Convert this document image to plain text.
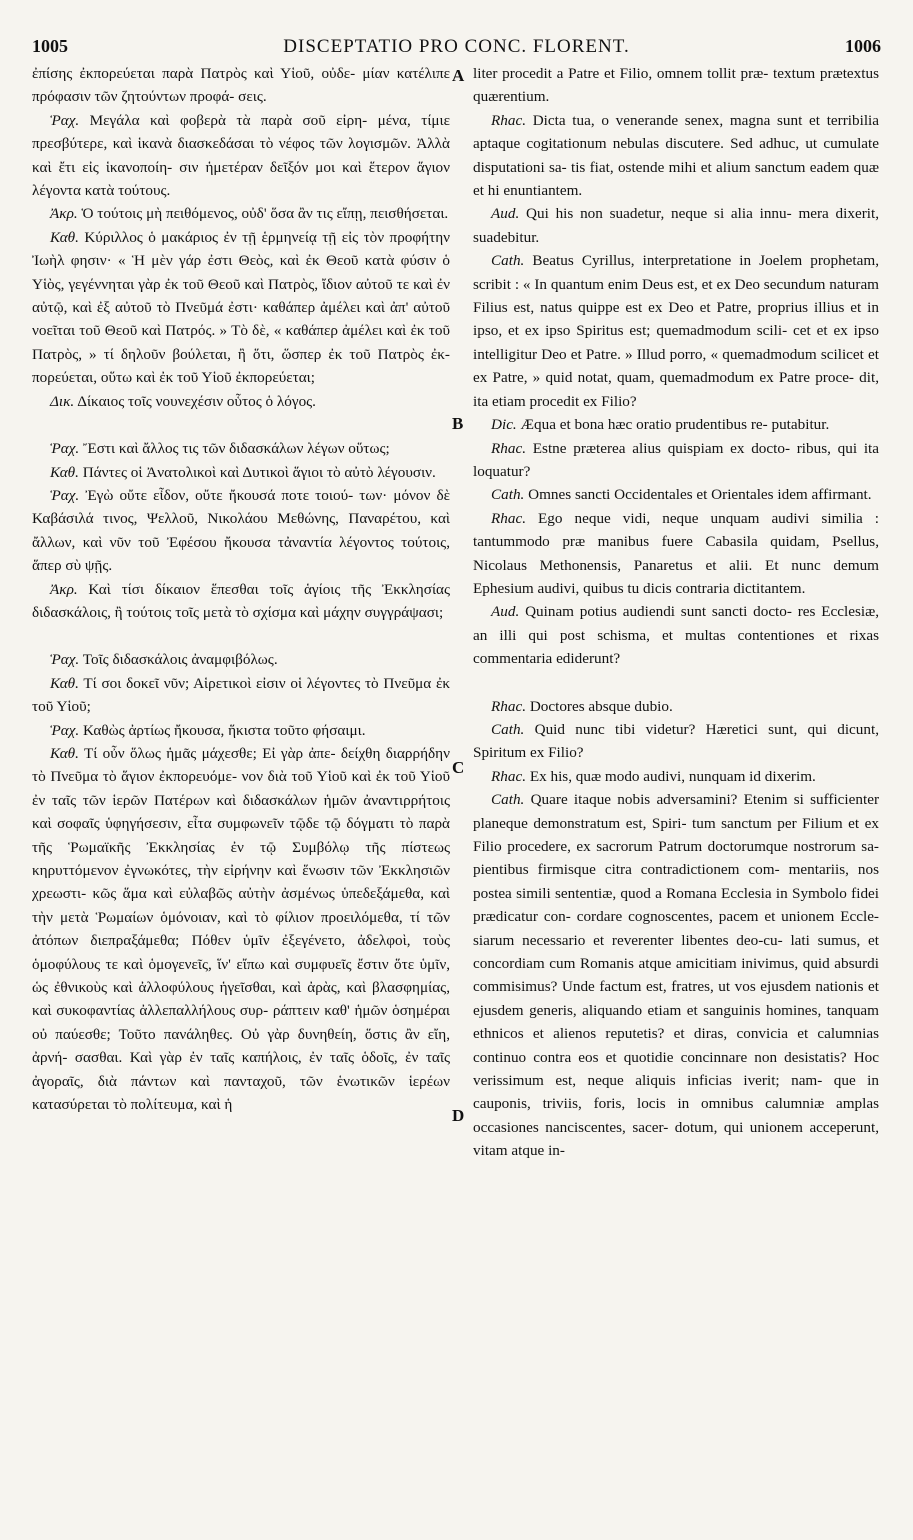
1005	DISCEPTATIO PRO CONC. FLORENT.	1006

ἐπίσης ἐκπορεύεται παρὰ Πατρὸς καὶ Υἱοῦ, οὐδε- μίαν κατέλιπε πρόφασιν τῶν ζητούντων προφά- σεις.

Ῥαχ. Μεγάλα καὶ φοβερὰ τὰ παρὰ σοῦ εἰρη- μένα, τίμιε πρεσβύτερε, καὶ ἱκανὰ διασκεδάσαι τὸ νέφος τῶν λογισμῶν. Ἀλλὰ καὶ ἔτι εἰς ἱκανοποίη- σιν ἡμετέραν δεῖξόν μοι καὶ ἕτερον ἅγιον λέγοντα κατὰ τούτους.

Ἀκρ. Ὁ τούτοις μὴ πειθόμενος, οὐδ' ὅσα ἂν τις εἴπῃ, πεισθήσεται.

Καθ. Κύριλλος ὁ μακάριος ἐν τῇ ἑρμηνείᾳ τῇ εἰς τὸν προφήτην Ἰωὴλ φησιν· « Ἡ μὲν γάρ ἐστι Θεὸς, καὶ ἐκ Θεοῦ κατὰ φύσιν ὁ Υἱὸς, γεγέννηται γὰρ ἐκ τοῦ Θεοῦ καὶ Πατρὸς, ἴδιον αὐτοῦ τε καὶ ἐν αὐτῷ, καὶ ἐξ αὐτοῦ τὸ Πνεῦμά ἐστι· καθάπερ ἀμέλει καὶ ἀπ' αὐτοῦ νοεῖται τοῦ Θεοῦ καὶ Πατρός. » Τὸ δὲ, « καθάπερ ἀμέλει καὶ ἐκ τοῦ Πατρὸς, » τί δηλοῦν βούλεται, ἢ ὅτι, ὥσπερ ἐκ τοῦ Πατρὸς ἐκ- πορεύεται, οὕτω καὶ ἐκ τοῦ Υἱοῦ ἐκπορεύεται;

Δικ. Δίκαιος τοῖς νουνεχέσιν οὗτος ὁ λόγος.

Ῥαχ. Ἔστι καὶ ἄλλος τις τῶν διδασκάλων λέγων οὕτως;

Καθ. Πάντες οἱ Ἀνατολικοὶ καὶ Δυτικοὶ ἅγιοι τὸ αὐτὸ λέγουσιν.

Ῥαχ. Ἐγὼ οὔτε εἶδον, οὔτε ἤκουσά ποτε τοιού- των· μόνον δὲ Καβάσιλά τινος, Ψελλοῦ, Νικολάου Μεθώνης, Παναρέτου, καὶ ἄλλων, καὶ νῦν τοῦ Ἐφέσου ἤκουσα τἀναντία λέγοντος τούτοις, ἅπερ σὺ ψῇς.

Ἀκρ. Καὶ τίσι δίκαιον ἕπεσθαι τοῖς ἁγίοις τῆς Ἐκκλησίας διδασκάλοις, ἢ τούτοις τοῖς μετὰ τὸ σχίσμα καὶ μάχην συγγράψασι;

Ῥαχ. Τοῖς διδασκάλοις ἀναμφιβόλως.

Καθ. Τί σοι δοκεῖ νῦν; Αἱρετικοὶ εἰσιν οἱ λέγοντες τὸ Πνεῦμα ἐκ τοῦ Υἱοῦ;

Ῥαχ. Καθὼς ἀρτίως ἤκουσα, ἥκιστα τοῦτο φήσαιμι.

Καθ. Τί οὖν ὅλως ἡμᾶς μάχεσθε; Εἰ γὰρ ἀπε- δείχθη διαρρήδην τὸ Πνεῦμα τὸ ἅγιον ἐκπορευόμε- νον διὰ τοῦ Υἱοῦ καὶ ἐκ τοῦ Υἱοῦ ἐν ταῖς τῶν ἱερῶν Πατέρων καὶ διδασκάλων ἡμῶν ἀναντιρρήτοις καὶ σοφαῖς ὑφηγήσεσιν, εἶτα συμφωνεῖν τῷδε τῷ δόγματι τὸ παρὰ τῆς Ῥωμαϊκῆς Ἐκκλησίας ἐν τῷ Συμβόλῳ τῆς πίστεως κηρυττόμενον ἐγνωκότες, τὴν εἰρήνην καὶ ἕνωσιν τῶν Ἐκκλησιῶν χρεωστι- κῶς ἅμα καὶ εὐλαβῶς αὐτὴν ἀσμένως ὑπεδεξάμεθα, καὶ τὴν μετὰ Ῥωμαίων ὁμόνοιαν, καὶ τὸ φίλιον προειλόμεθα, τί τῶν ἀτόπων διεπραξάμεθα; Πόθεν ὑμῖν ἐξεγένετο, ἀδελφοὶ, τοὺς ὁμοφύλους τε καὶ ὁμογενεῖς, ἵν' εἴπω καὶ συμφυεῖς ἔστιν ὅτε ὑμῖν, ὡς ἐθνικοὺς καὶ ἀλλοφύλους ἡγεῖσθαι, καὶ ἀρὰς, καὶ βλασφημίας, καὶ συκοφαντίας ἀλλεπαλλήλους συρ- ράπτειν καθ' ἡμῶν ὁσημέραι οὐ παύεσθε; Τοῦτο πανάληθες. Οὐ γὰρ δυνηθείη, ὅστις ἂν εἴη, ἀρνή- σασθαι. Καὶ γὰρ ἐν ταῖς καπήλοις, ἐν ταῖς ὁδοῖς, ἐν ταῖς ἀγοραῖς, διὰ πάντων καὶ πανταχοῦ, τῶν ἑνωτικῶν ἱερέων κατασύρεται τὸ πολίτευμα, καὶ ἡ

A
B
C
D

liter procedit a Patre et Filio, omnem tollit præ- textum prætextus quærentium.

Rhac. Dicta tua, o venerande senex, magna sunt et terribilia aptaque cogitationum nebulas discutere. Sed adhuc, ut cumulate disputationi sa- tis fiat, ostende mihi et alium sanctum eadem quæ et hi enuntiantem.

Aud. Qui his non suadetur, neque si alia innu- mera dixerit, suadebitur.

Cath. Beatus Cyrillus, interpretatione in Joelem prophetam, scribit : « In quantum enim Deus est, et ex Deo secundum naturam Filius est, natus quippe est ex Deo et Patre, proprius illius et in ipso, et ex ipso Spiritus est; quemadmodum scili- cet et ex ipso intelligitur Deo et Patre. » Illud porro, « quemadmodum scilicet et ex Patre, » quid notat, quam, quemadmodum ex Patre proce- dit, ita etiam procedit ex Filio?

Dic. Æqua et bona hæc oratio prudentibus re- putabitur.

Rhac. Estne præterea alius quispiam ex docto- ribus, qui ita loquatur?

Cath. Omnes sancti Occidentales et Orientales idem affirmant.

Rhac. Ego neque vidi, neque unquam audivi similia : tantummodo præ manibus fuere Cabasila quidam, Psellus, Nicolaus Methonensis, Panaretus et alii. Et nunc demum Ephesium audivi, quibus tu dicis contraria dictitantem.

Aud. Quinam potius audiendi sunt sancti docto- res Ecclesiæ, an illi qui post schisma, et multas contentiones et rixas commentaria ediderunt?

Rhac. Doctores absque dubio.

Cath. Quid nunc tibi videtur? Hæretici sunt, qui dicunt, Spiritum ex Filio?

Rhac. Ex his, quæ modo audivi, nunquam id dixerim.

Cath. Quare itaque nobis adversamini? Etenim si sufficienter planeque demonstratum est, Spiri- tum sanctum per Filium et ex Filio procedere, ex sacrorum Patrum doctorumque nostrorum sa- pientibus firmisque citra contradictionem com- mentariis, nos postea simili sententiæ, quod a Romana Ecclesia in Symbolo fidei prædicatur con- cordare cognoscentes, pacem et unionem Eccle- siarum necessario et reverenter libentes deo-cu- lati sumus, et concordiam cum Romanis atque amicitiam inivimus, quid absurdi commisimus? Unde factum est, fratres, ut vos ejusdem nationis et ejusdem generis, aliquando etiam et sanguinis homines, tanquam ethnicos et alienos reputetis? et diras, convicia et calumnias continuo contra eos et quotidie concinnare non desistatis? Hoc verissimum est, neque aliquis inficias iverit; nam- que in cauponis, triviis, foris, locis in omnibus calumniæ amplas occasiones nanciscentes, sacer- dotum, qui unionem acceperunt, vitam atque in-
